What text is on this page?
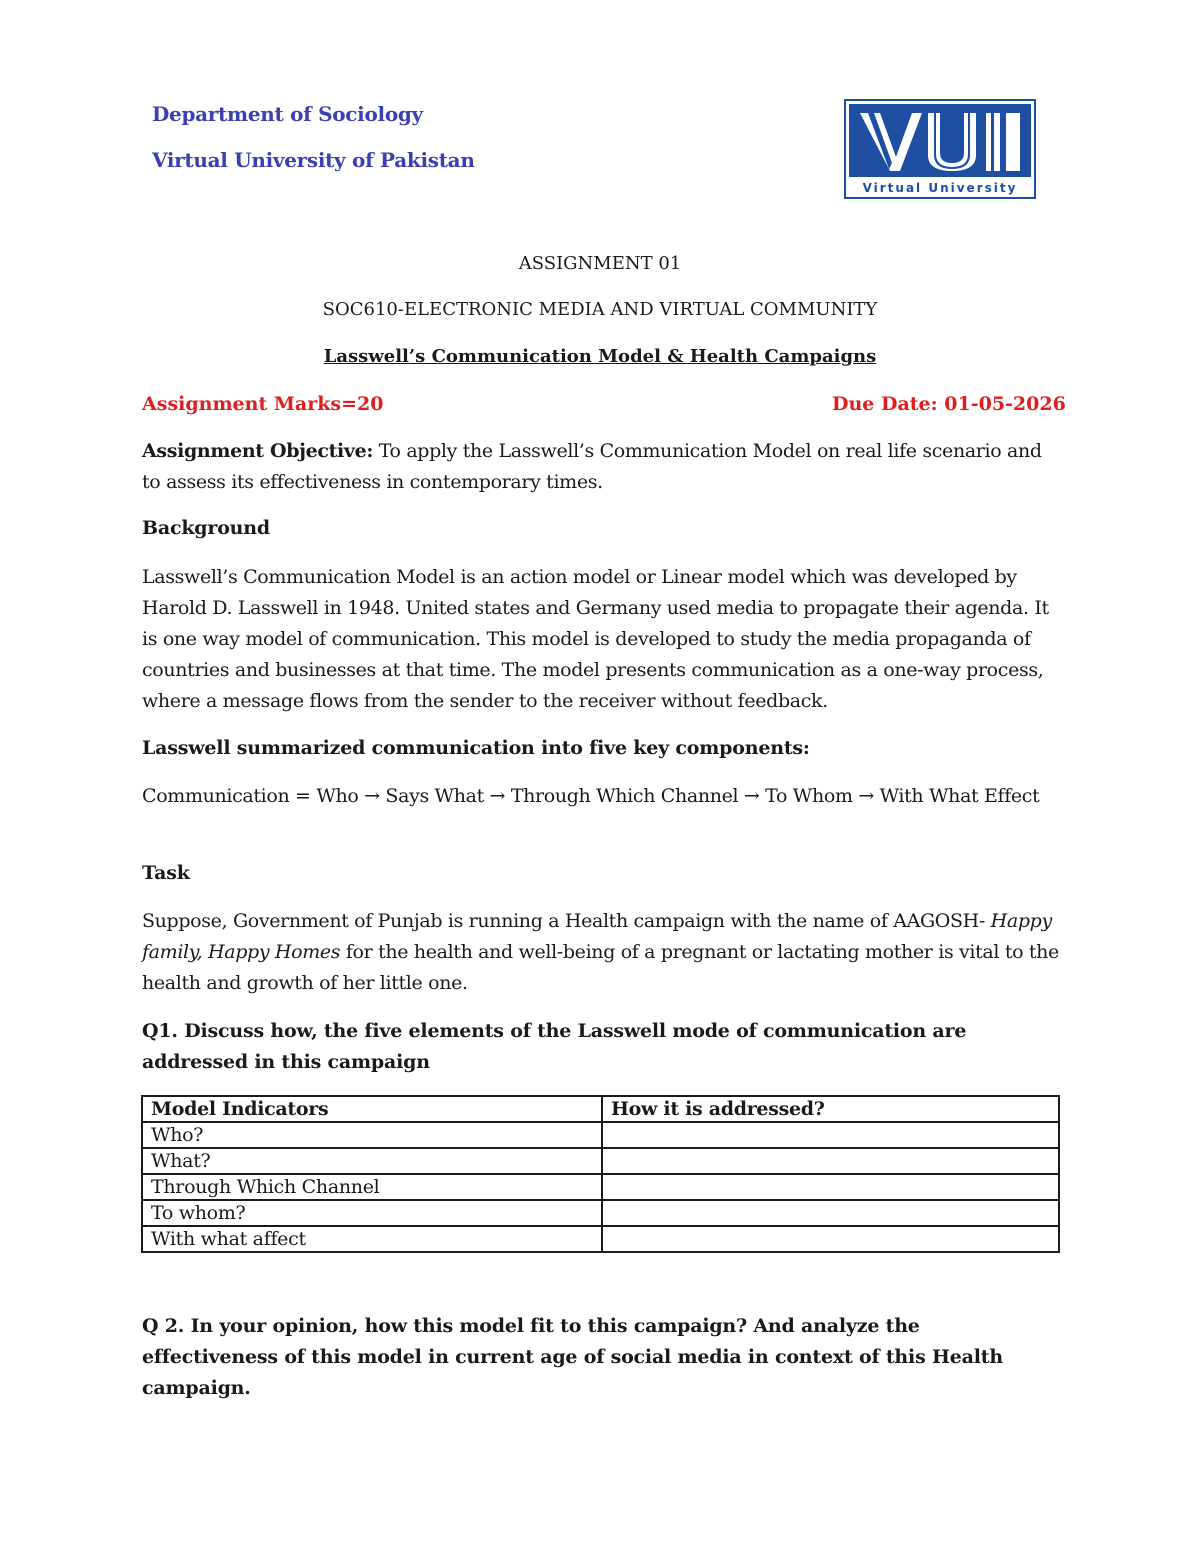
Department of Sociology
Virtual University of Pakistan
Virtual University
ASSIGNMENT 01
SOC610-ELECTRONIC MEDIA AND VIRTUAL COMMUNITY
Lasswell’s Communication Model & Health Campaigns
Assignment Marks=20	Due Date: 01-05-2026
Assignment Objective: To apply the Lasswell’s Communication Model on real life scenario and to assess its effectiveness in contemporary times.
Background
Lasswell’s Communication Model is an action model or Linear model which was developed by Harold D. Lasswell in 1948. United states and Germany used media to propagate their agenda. It is one way model of communication. This model is developed to study the media propaganda of countries and businesses at that time. The model presents communication as a one-way process, where a message flows from the sender to the receiver without feedback.
Lasswell summarized communication into five key components:
Communication = Who → Says What → Through Which Channel → To Whom → With What Effect
Task
Suppose, Government of Punjab is running a Health campaign with the name of AAGOSH- Happy family, Happy Homes for the health and well-being of a pregnant or lactating mother is vital to the health and growth of her little one.
Q1. Discuss how, the five elements of the Lasswell mode of communication are addressed in this campaign
Model Indicators	How it is addressed?
Who?	
What?	
Through Which Channel	
To whom?	
With what affect	
Q 2. In your opinion, how this model fit to this campaign? And analyze the effectiveness of this model in current age of social media in context of this Health campaign.
